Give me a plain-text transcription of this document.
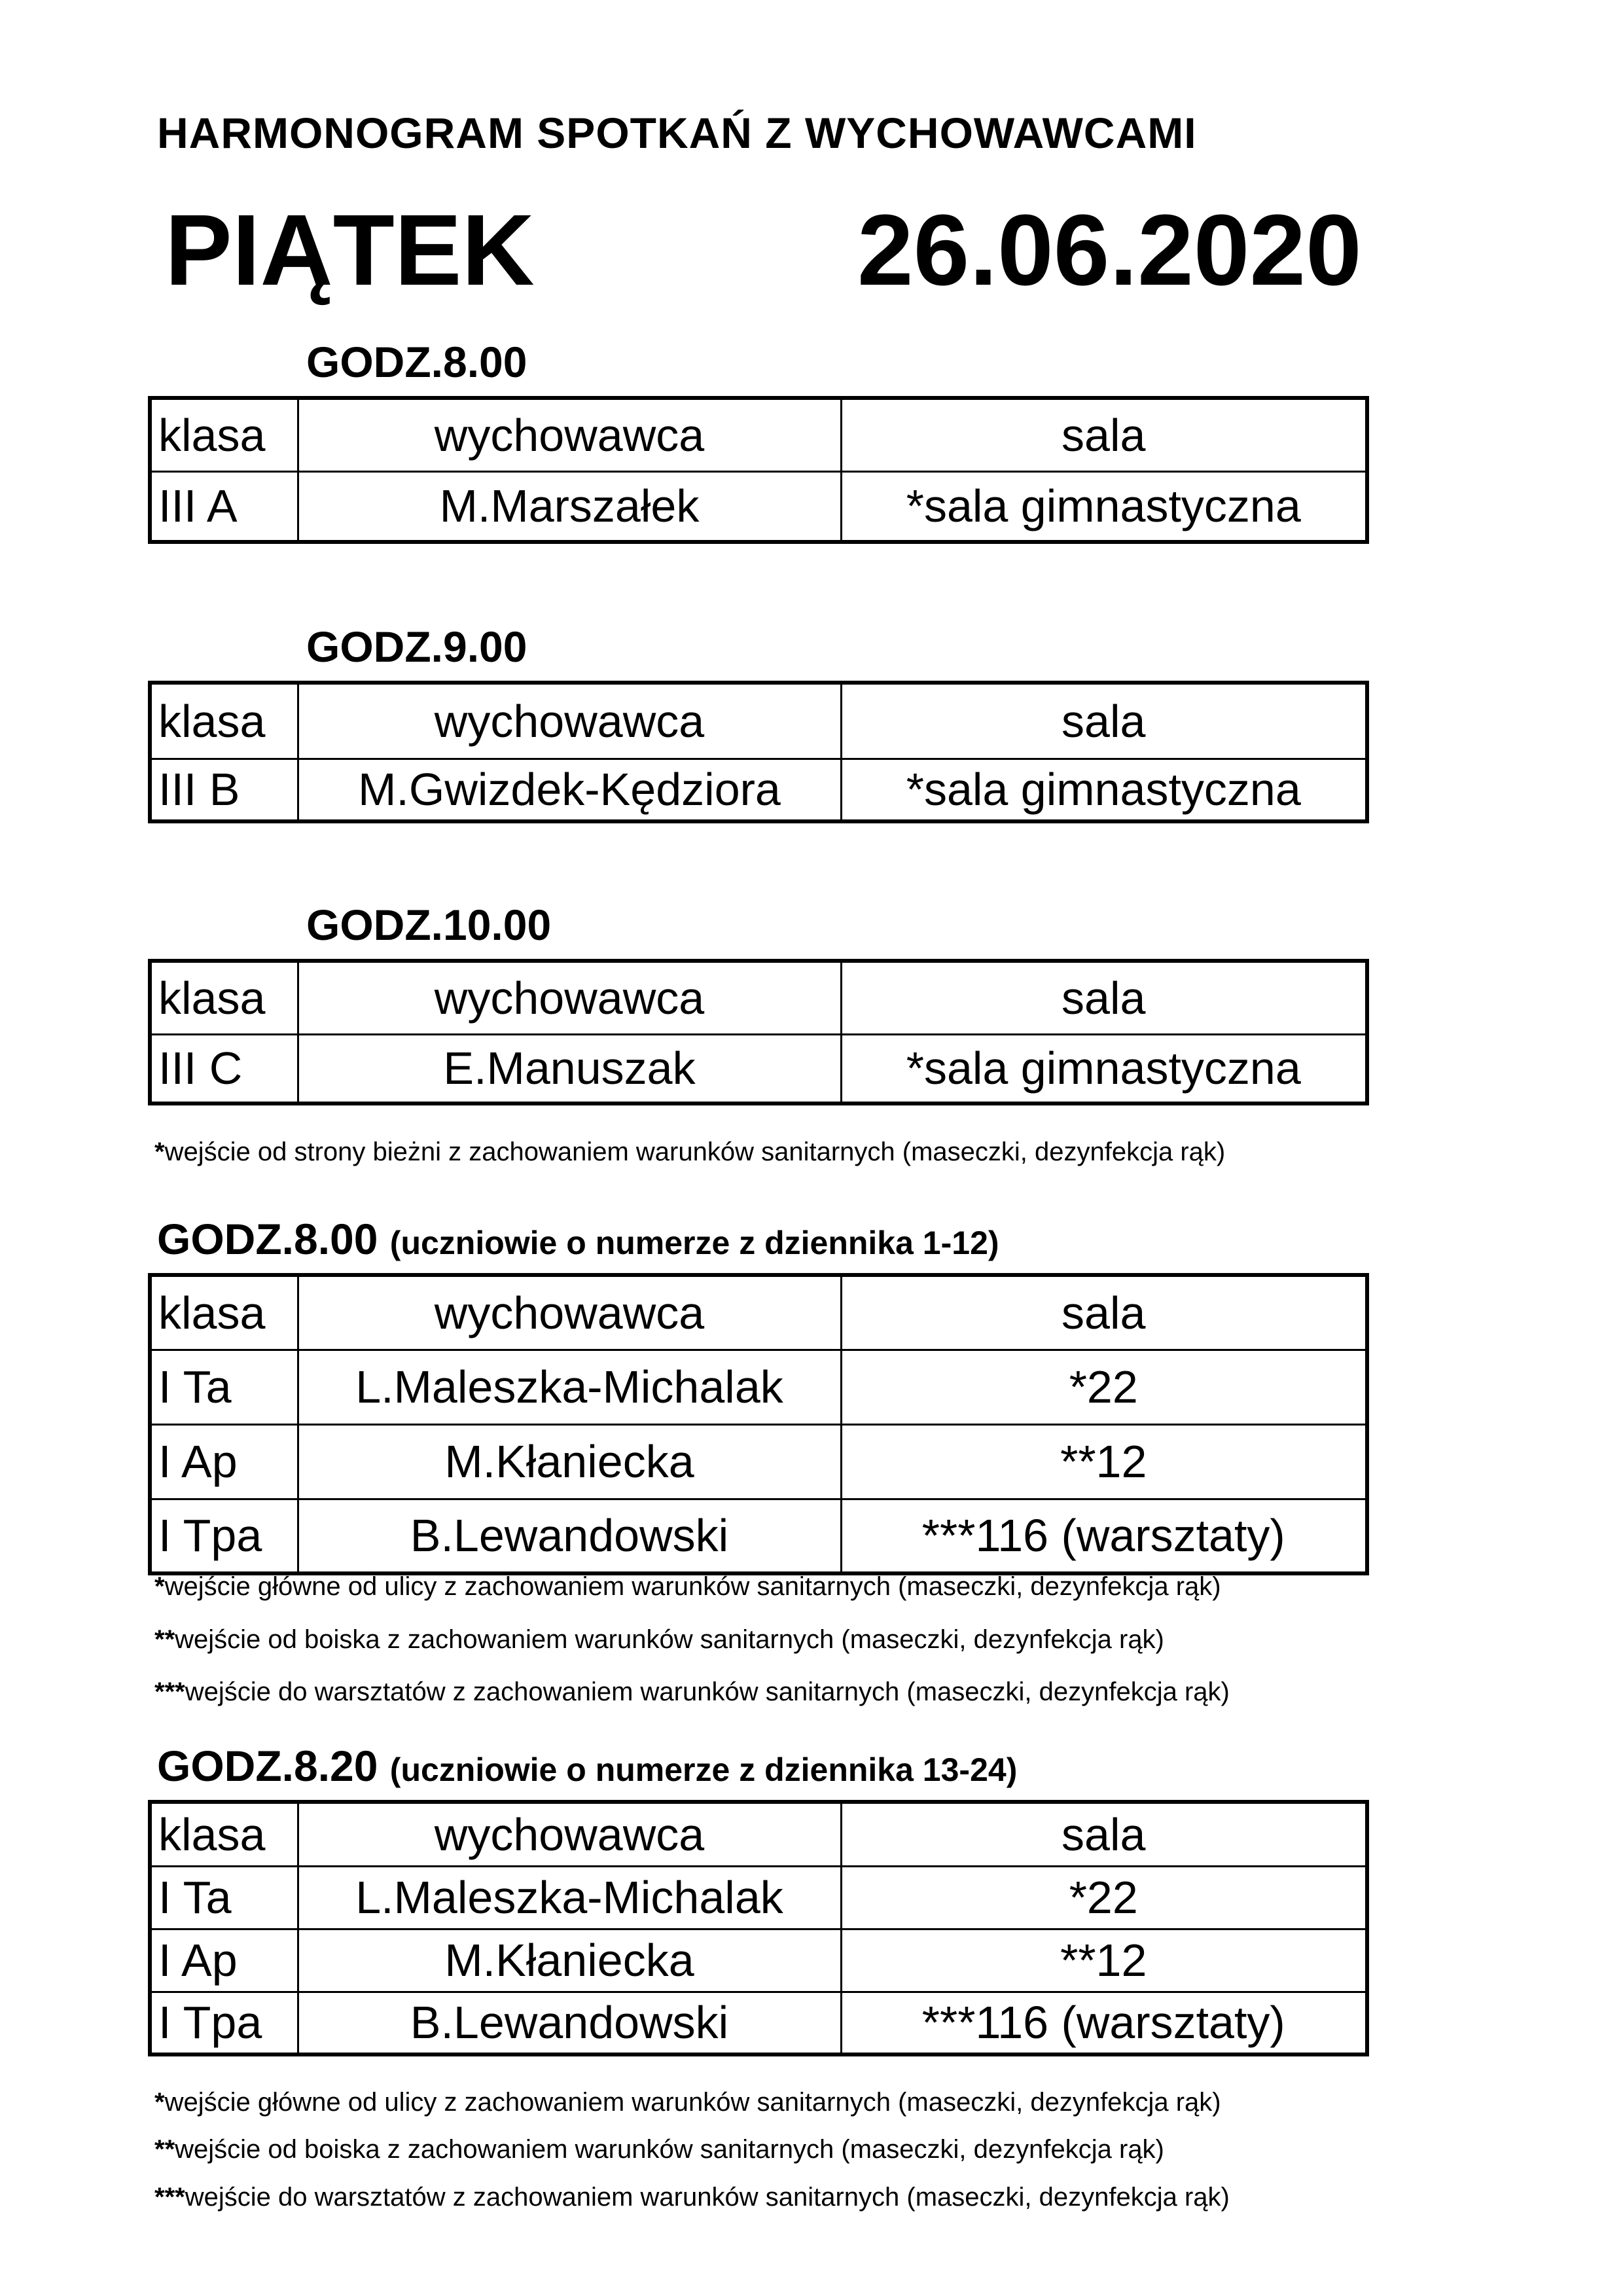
HARMONOGRAM SPOTKAŃ Z WYCHOWAWCAMI
PIĄTEK	26.06.2020
GODZ.8.00
klasa	wychowawca	sala
III A	M.Marszałek	*sala gimnastyczna
GODZ.9.00
klasa	wychowawca	sala
III B	M.Gwizdek-Kędziora	*sala gimnastyczna
GODZ.10.00
klasa	wychowawca	sala
III C	E.Manuszak	*sala gimnastyczna
*wejście od strony bieżni z zachowaniem warunków sanitarnych (maseczki, dezynfekcja rąk)
GODZ.8.00 (uczniowie o numerze z dziennika 1-12)
klasa	wychowawca	sala
I Ta	L.Maleszka-Michalak	*22
I Ap	M.Kłaniecka	**12
I Tpa	B.Lewandowski	***116 (warsztaty)
*wejście główne od ulicy z zachowaniem warunków sanitarnych (maseczki, dezynfekcja rąk)
**wejście od boiska z zachowaniem warunków sanitarnych (maseczki, dezynfekcja rąk)
***wejście do warsztatów z zachowaniem warunków sanitarnych (maseczki, dezynfekcja rąk)
GODZ.8.20 (uczniowie o numerze z dziennika 13-24)
klasa	wychowawca	sala
I Ta	L.Maleszka-Michalak	*22
I Ap	M.Kłaniecka	**12
I Tpa	B.Lewandowski	***116 (warsztaty)
*wejście główne od ulicy z zachowaniem warunków sanitarnych (maseczki, dezynfekcja rąk)
**wejście od boiska z zachowaniem warunków sanitarnych (maseczki, dezynfekcja rąk)
***wejście do warsztatów z zachowaniem warunków sanitarnych (maseczki, dezynfekcja rąk)
